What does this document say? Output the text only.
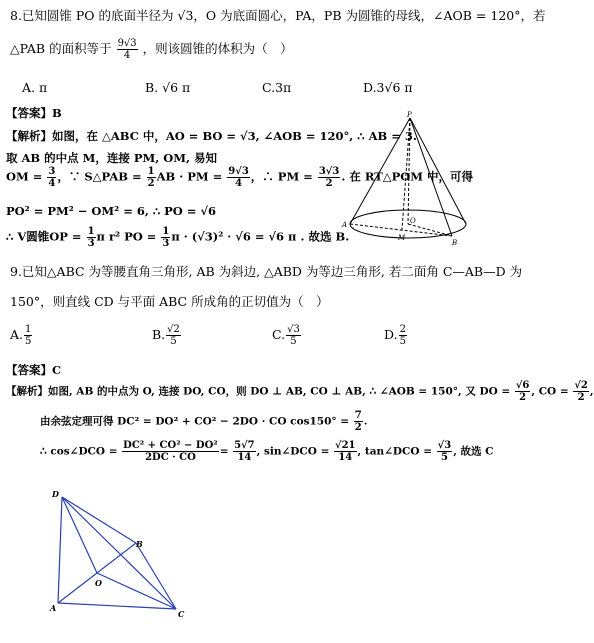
8.已知圆锥 PO 的底面半径为 √3，O 为底面圆心，PA，PB 为圆锥的母线，∠AOB = 120°，若
△PAB 的面积等于 $\frac{9√3}{4}$ ，则该圆锥的体积为（　）
A. π	B. √6 π	C.3π	D.3√6 π
【答案】B
【解析】如图，在 △ABC 中，AO = BO = √3, ∠AOB = 120°, ∴ AB = 3.
取 AB 的中点 M，连接 PM, OM, 易知
OM = $\frac{3}{4}$ ，∵ S△PAB = $\frac{1}{2}$ AB · PM = $\frac{9√3}{4}$ ，∴ PM = $\frac{3√3}{2}$ . 在 RT△POM 中，可得
PO² = PM² − OM² = 6, ∴ PO = √6
∴ V圆锥OP = $\frac{1}{3}$ π r² PO = $\frac{1}{3}$ π · (√3)² · √6 = √6 π . 故选 B.
P
A
B
O
M
9.已知△ABC 为等腰直角三角形, AB 为斜边, △ABD 为等边三角形, 若二面角 C—AB—D 为
150°，则直线 CD 与平面 ABC 所成角的正切值为（　）
A. $\frac{1}{5}$	B. $\frac{√2}{5}$	C. $\frac{√3}{5}$	D. $\frac{2}{5}$
【答案】C
【解析】如图, AB 的中点为 O, 连接 DO, CO，则 DO ⊥ AB, CO ⊥ AB, ∴ ∠AOB = 150°, 又 DO = $\frac{√6}{2}$ , CO = $\frac{√2}{2}$ ,
由余弦定理可得 DC² = DO² + CO² − 2DO · CO $\cos 150^\circ = \frac{7}{2}$ .
∴ cos∠DCO = $\frac{\text{DC² + CO² − DO²}}{2DC \cdot CO} = \frac{5√7}{14}$ , sin∠DCO = $\frac{√21}{14}$ , tan∠DCO = $\frac{√3}{5}$ , 故选 C
D
B
O
A
C
